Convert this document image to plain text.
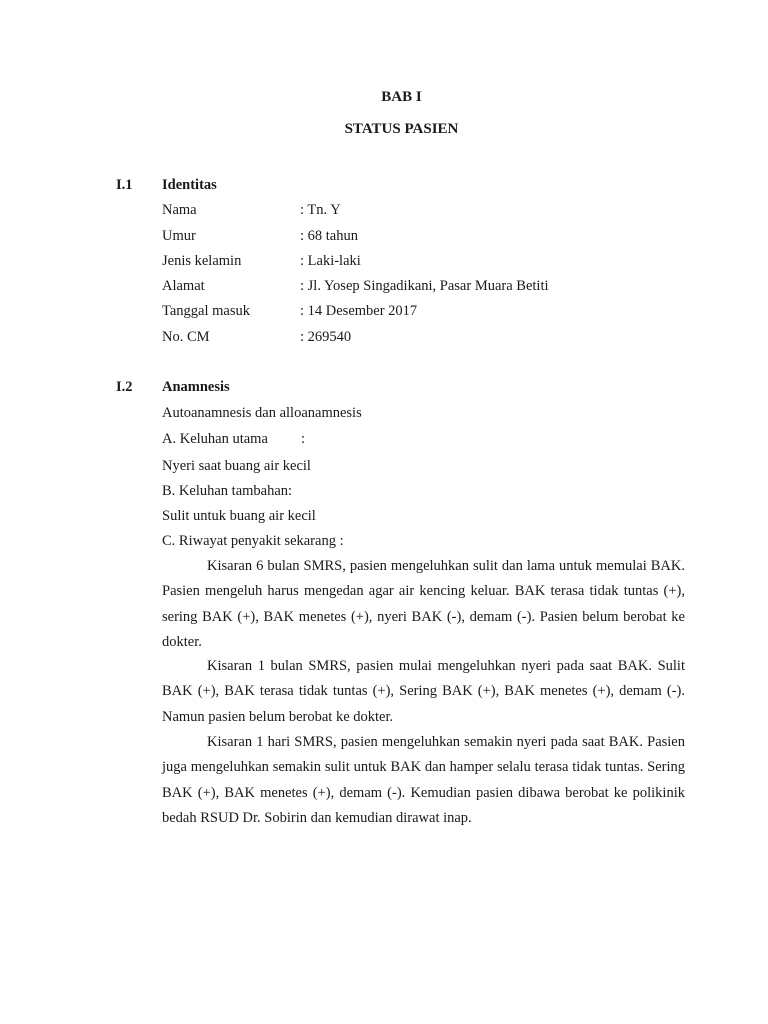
BAB I
STATUS PASIEN
I.1 Identitas
Nama	: Tn. Y
Umur	: 68 tahun
Jenis kelamin	: Laki-laki
Alamat	: Jl. Yosep Singadikani, Pasar Muara Betiti
Tanggal masuk	: 14 Desember 2017
No. CM	: 269540
I.2 Anamnesis
Autoanamnesis dan alloanamnesis
A. Keluhan utama :
Nyeri saat buang air kecil
B. Keluhan tambahan:
Sulit untuk buang air kecil
C. Riwayat penyakit sekarang :

Kisaran 6 bulan SMRS, pasien mengeluhkan sulit dan lama untuk memulai BAK. Pasien mengeluh harus mengedan agar air kencing keluar. BAK terasa tidak tuntas (+), sering BAK (+), BAK menetes (+), nyeri BAK (-), demam (-). Pasien belum berobat ke dokter.

Kisaran 1 bulan SMRS, pasien mulai mengeluhkan nyeri pada saat BAK. Sulit BAK (+), BAK terasa tidak tuntas (+), Sering BAK (+), BAK menetes (+), demam (-). Namun pasien belum berobat ke dokter.

Kisaran 1 hari SMRS, pasien mengeluhkan semakin nyeri pada saat BAK. Pasien juga mengeluhkan semakin sulit untuk BAK dan hamper selalu terasa tidak tuntas. Sering BAK (+), BAK menetes (+), demam (-). Kemudian pasien dibawa berobat ke polikinik bedah RSUD Dr. Sobirin dan kemudian dirawat inap.
